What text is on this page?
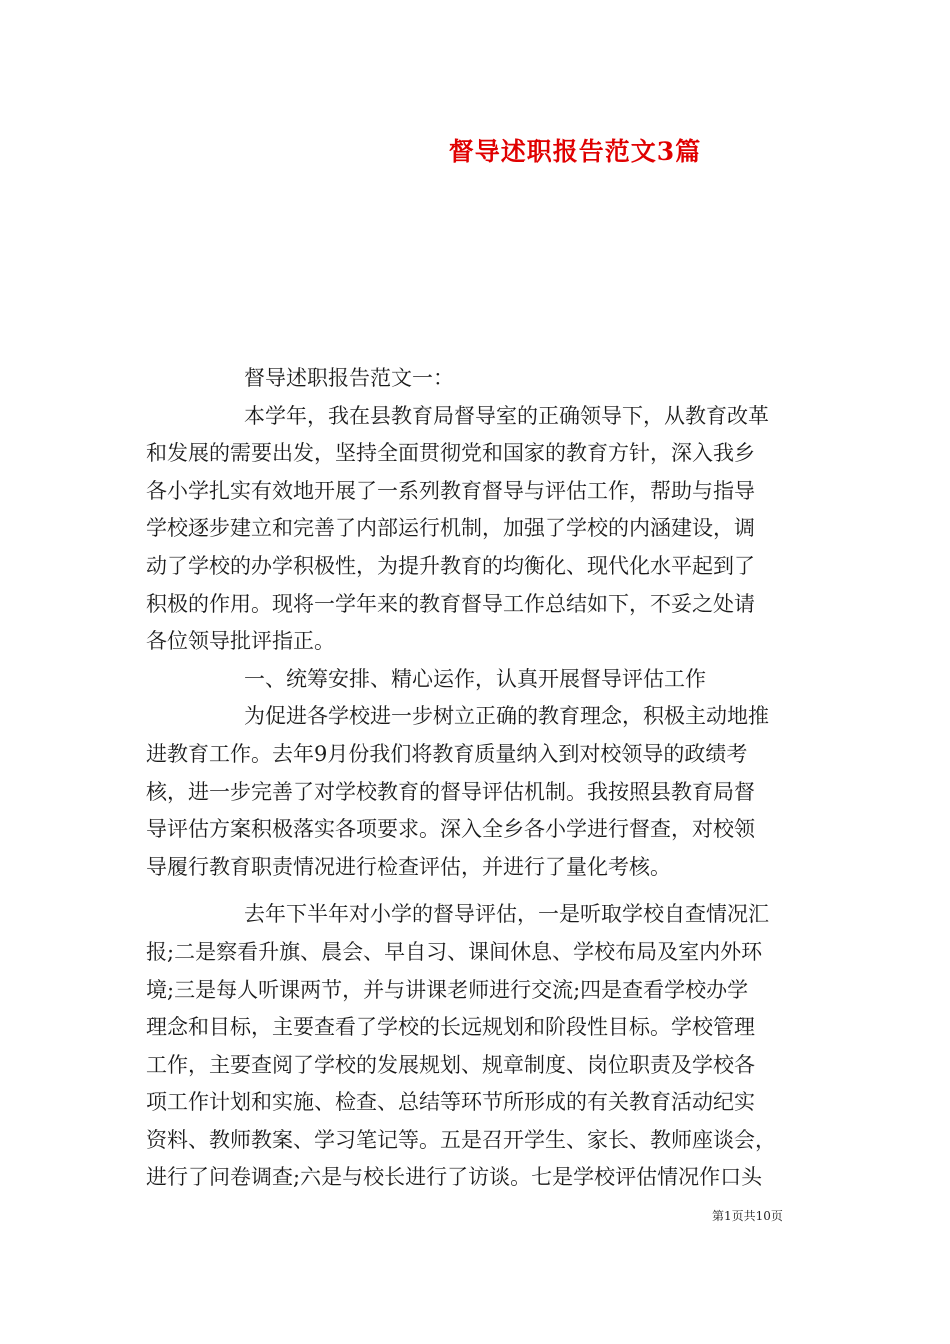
督导述职报告范文3篇
督导述职报告范文一：
本学年，我在县教育局督导室的正确领导下，从教育改革
和发展的需要出发，坚持全面贯彻党和国家的教育方针，深入我乡
各小学扎实有效地开展了一系列教育督导与评估工作，帮助与指导
学校逐步建立和完善了内部运行机制，加强了学校的内涵建设，调
动了学校的办学积极性，为提升教育的均衡化、现代化水平起到了
积极的作用。现将一学年来的教育督导工作总结如下，不妥之处请
各位领导批评指正。
一、统筹安排、精心运作，认真开展督导评估工作
为促进各学校进一步树立正确的教育理念，积极主动地推
进教育工作。去年9月份我们将教育质量纳入到对校领导的政绩考
核，进一步完善了对学校教育的督导评估机制。我按照县教育局督
导评估方案积极落实各项要求。深入全乡各小学进行督查，对校领
导履行教育职责情况进行检查评估，并进行了量化考核。
去年下半年对小学的督导评估，一是听取学校自查情况汇
报;二是察看升旗、晨会、早自习、课间休息、学校布局及室内外环
境;三是每人听课两节，并与讲课老师进行交流;四是查看学校办学
理念和目标，主要查看了学校的长远规划和阶段性目标。学校管理
工作，主要查阅了学校的发展规划、规章制度、岗位职责及学校各
项工作计划和实施、检查、总结等环节所形成的有关教育活动纪实
资料、教师教案、学习笔记等。五是召开学生、家长、教师座谈会，
进行了问卷调查;六是与校长进行了访谈。七是学校评估情况作口头
第1页共10页
